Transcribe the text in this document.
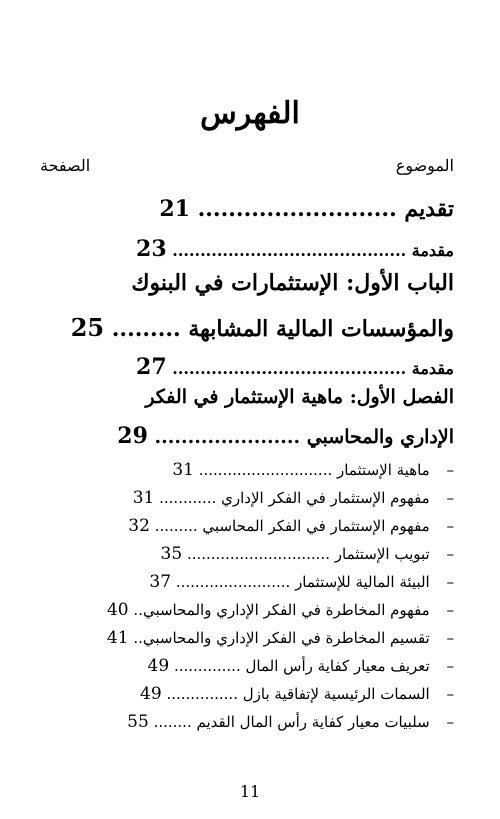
الفهرس
الموضوع
الصفحة
تقديم .......................... 21
مقدمة .......................................... 23
الباب الأول: الإستثمارات في البنوك
والمؤسسات المالية المشابهة ......... 25
مقدمة .......................................... 27
الفصل الأول: ماهية الإستثمار في الفكر
الإداري والمحاسبي ...................... 29
– ماهية الإستثمار ............................ 31
– مفهوم الإستثمار في الفكر الإداري ............ 31
– مفهوم الإستثمار في الفكر المحاسبي ......... 32
– تبويب الإستثمار .............................. 35
– البيئة المالية للإستثمار ........................ 37
– مفهوم المخاطرة في الفكر الإداري والمحاسبي.. 40
– تقسيم المخاطرة في الفكر الإداري والمحاسبي.. 41
– تعريف معيار كفاية رأس المال .............. 49
– السمات الرئيسية لإتفاقية بازل ............... 49
– سلبيات معيار كفاية رأس المال القديم ........ 55
11
